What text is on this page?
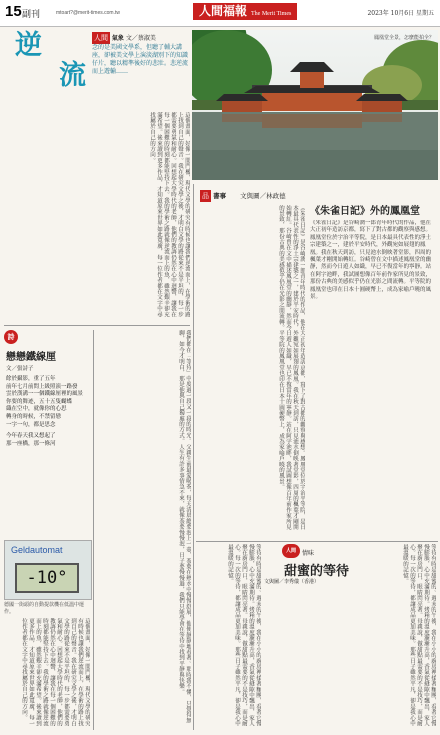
15 副刊	mtoart?@merit-times.com.tw	人間福報 The Merit Times	2023年 10月6日 星期五
鳳凰堂全景，怎麼能拍全？
逆
流
人間 氣象 文／蔡淑美
念的是美國文學系，但聽了輔大講座，卻被美文學上演淡湖別下的知識仔片，聽以精準後好的悲壯。悲逆流而上遊輸……
這個畫面，好像一間門檻，現代文學的研究有時候也讓我們逆流而上，在學術的路上找到自己的聲音。我在研究文學之後，才明白文學的路從來不是平坦的，每一步都需要勇氣和耐心。回想起大學時代的老師，他們的教誨仍然在心中迴響，讓我在每一個困難的時刻都能堅持下去。我的學術之路就像逆流而上的魚，雖然艱辛卻充滿希望。後來讀到更多作品，才知道原來世界如此寬廣，每一位作者都在文字中尋找屬於自己的方向。
詩
戀戀鐵線厘
文／張詩子
餘於攝影，重了五年
前年七月前問上級照演一路發
雲於漢溝一一個鐵線厘裡的風景
你要的舞迹，五十五隻蝴蝶
織在空中，就像你的心思
轉身的時候，不禁留戀
一字一句，都是思念
今年春天我又想起了
那一座橋，那一條河
Geldautomat
-10°
德國一街頭的自動提款機在低溫中運作。
這個畫面，好像一間門檻，現代文學的研究有時候也讓我們逆流而上，在學術的路上找到自己的聲音。我在研究文學之後，才明白文學的路從來不是平坦的，每一步都需要勇氣和耐心。回想起大學時代的老師，他們的教誨仍然在心中迴響，讓我在每一個困難的時刻都能堅持下去。我的學術之路就像逆流而上的魚，雖然艱辛卻充滿希望。後來讀到更多作品，才知道原來世界如此寬廣，每一位作者都在文字中尋找屬於自己的方向。	我們都在「等待」中度過一段又一段的時光。父親生前最愛喝茶，每天清晨總要泡上一壺，茶葉在熱水中慢慢舒展，他便靜靜地看著。那時我不懂，只覺得無聊，如今才明白，那是他與自己獨處的方式。人生有許多事情急不來，就像茶要慢慢泡，日子要慢慢過，我們只能學會在等待中找到平靜與快樂。
品 書事 文與圖／林政德
《朱雀日記》外的鳳凰堂
《朱雀日記》是谷崎潤一郎青年時代的作品，他在大正初年造訪京都，寫下了對古都的觀察與感想。鳳凰堂位於宇治平等院，是日本最具代表性的淨土宗建築之一，建於平安時代，外觀宛如展翅的鳳凰。我在秋天到訪，只見池水倒映著堂影，四周的楓葉才剛開始轉紅。谷崎曾在文中描述鳳凰堂的幽靜，然而今日遊人如織，早已不復當年的寧靜。站在阿字池畔，我試圖想像百年前作家所見的景致，那份古典的美感似乎仍在光影之間流轉。平等院的鳳凰堂也印在日本十圓硬幣上，成為家喻戶曉的風景。	《朱雀日記》是谷崎潤一郎青年時代的作品，他在大正初年造訪京都，寫下了對古都的觀察與感想。鳳凰堂位於宇治平等院，是日本最具代表性的淨土宗建築之一，建於平安時代，外觀宛如展翅的鳳凰。我在秋天到訪，只見池水倒映著堂影，四周的楓葉才剛開始轉紅。谷崎曾在文中描述鳳凰堂的幽靜，然而今日遊人如織，早已不復當年的寧靜。站在阿字池畔，我試圖想像百年前作家所見的景致，那份古典的美感似乎仍在光影之間流轉。平等院的鳳凰堂也印在日本十圓硬幣上，成為家喻戶曉的風景。
人間	情味
甜蜜的等待
文與圖／李秀儀（香港）
等待有時是甜蜜的。週末的午後，我在小小的廚房裡揉著麵團，看著它慢慢膨脹，心中充滿期待。烤箱的溫度漸漸升高，香氣從縫隙中飄出，家人聚在廚房門口，眼睛閃亮著。母親說，做甜點最需要的不是技巧，而是耐心。每一次的等待，都讓成品更加美味。那些日子雖然平凡，卻是我心中最溫暖的記憶。	等待有時是甜蜜的。週末的午後，我在小小的廚房裡揉著麵團，看著它慢慢膨脹，心中充滿期待。烤箱的溫度漸漸升高，香氣從縫隙中飄出，家人聚在廚房門口，眼睛閃亮著。母親說，做甜點最需要的不是技巧，而是耐心。每一次的等待，都讓成品更加美味。那些日子雖然平凡，卻是我心中最溫暖的記憶。
